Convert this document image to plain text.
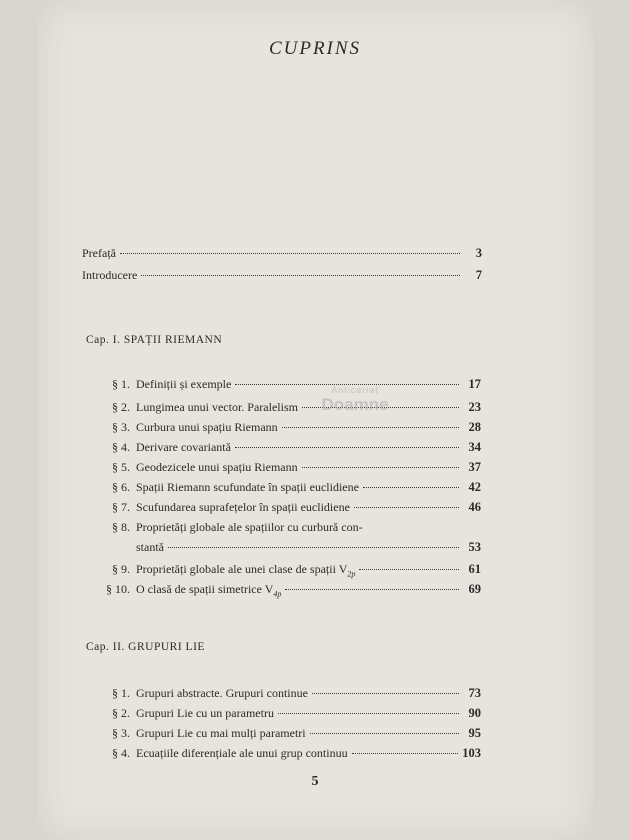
CUPRINS
Prefață	3
Introducere	7
Cap. I. SPAȚII RIEMANN
§ 1. Definiții și exemple	17
§ 2. Lungimea unui vector. Paralelism	23
§ 3. Curbura unui spațiu Riemann	28
§ 4. Derivare covariantă	34
§ 5. Geodezicele unui spațiu Riemann	37
§ 6. Spații Riemann scufundate în spații euclidiene	42
§ 7. Scufundarea suprafețelor în spații euclidiene	46
§ 8. Proprietăți globale ale spațiilor cu curbură con-
stantă	53
§ 9. Proprietăți globale ale unei clase de spații $V_{2p}$	61
§ 10. O clasă de spații simetrice $V_{4p}$	69
Cap. II. GRUPURI LIE
§ 1. Grupuri abstracte. Grupuri continue	73
§ 2. Grupuri Lie cu un parametru	90
§ 3. Grupuri Lie cu mai mulți parametri	95
§ 4. Ecuațiile diferențiale ale unui grup continuu	103
Anticariat
Doamne
5
